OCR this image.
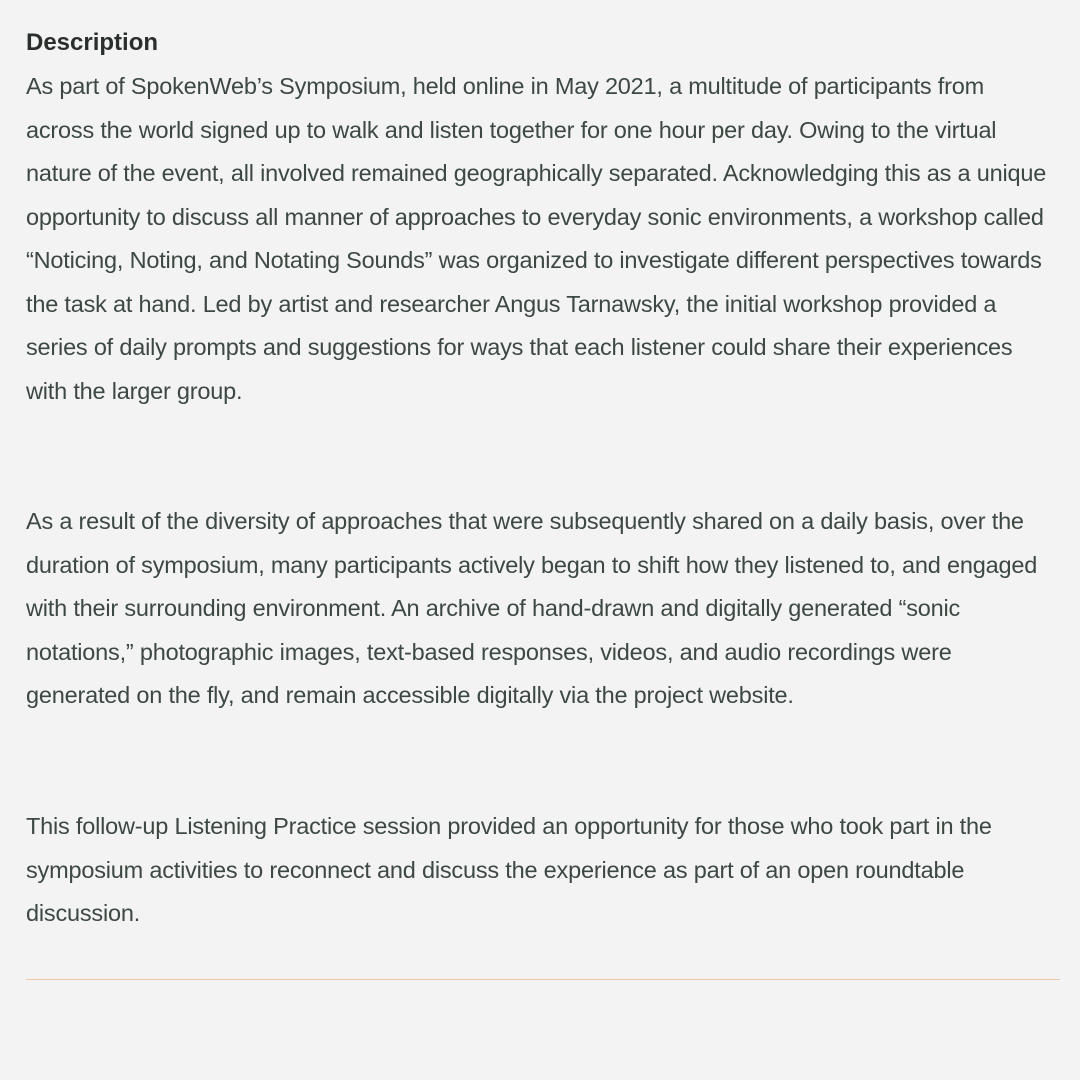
Description

As part of SpokenWeb’s Symposium, held online in May 2021, a multitude of participants from across the world signed up to walk and listen together for one hour per day. Owing to the virtual nature of the event, all involved remained geographically separated. Acknowledging this as a unique opportunity to discuss all manner of approaches to everyday sonic environments, a workshop called “Noticing, Noting, and Notating Sounds” was organized to investigate different perspectives towards the task at hand. Led by artist and researcher Angus Tarnawsky, the initial workshop provided a series of daily prompts and suggestions for ways that each listener could share their experiences with the larger group.

As a result of the diversity of approaches that were subsequently shared on a daily basis, over the duration of symposium, many participants actively began to shift how they listened to, and engaged with their surrounding environment. An archive of hand-drawn and digitally generated “sonic notations,” photographic images, text-based responses, videos, and audio recordings were generated on the fly, and remain accessible digitally via the project website.

This follow-up Listening Practice session provided an opportunity for those who took part in the symposium activities to reconnect and discuss the experience as part of an open roundtable discussion.
